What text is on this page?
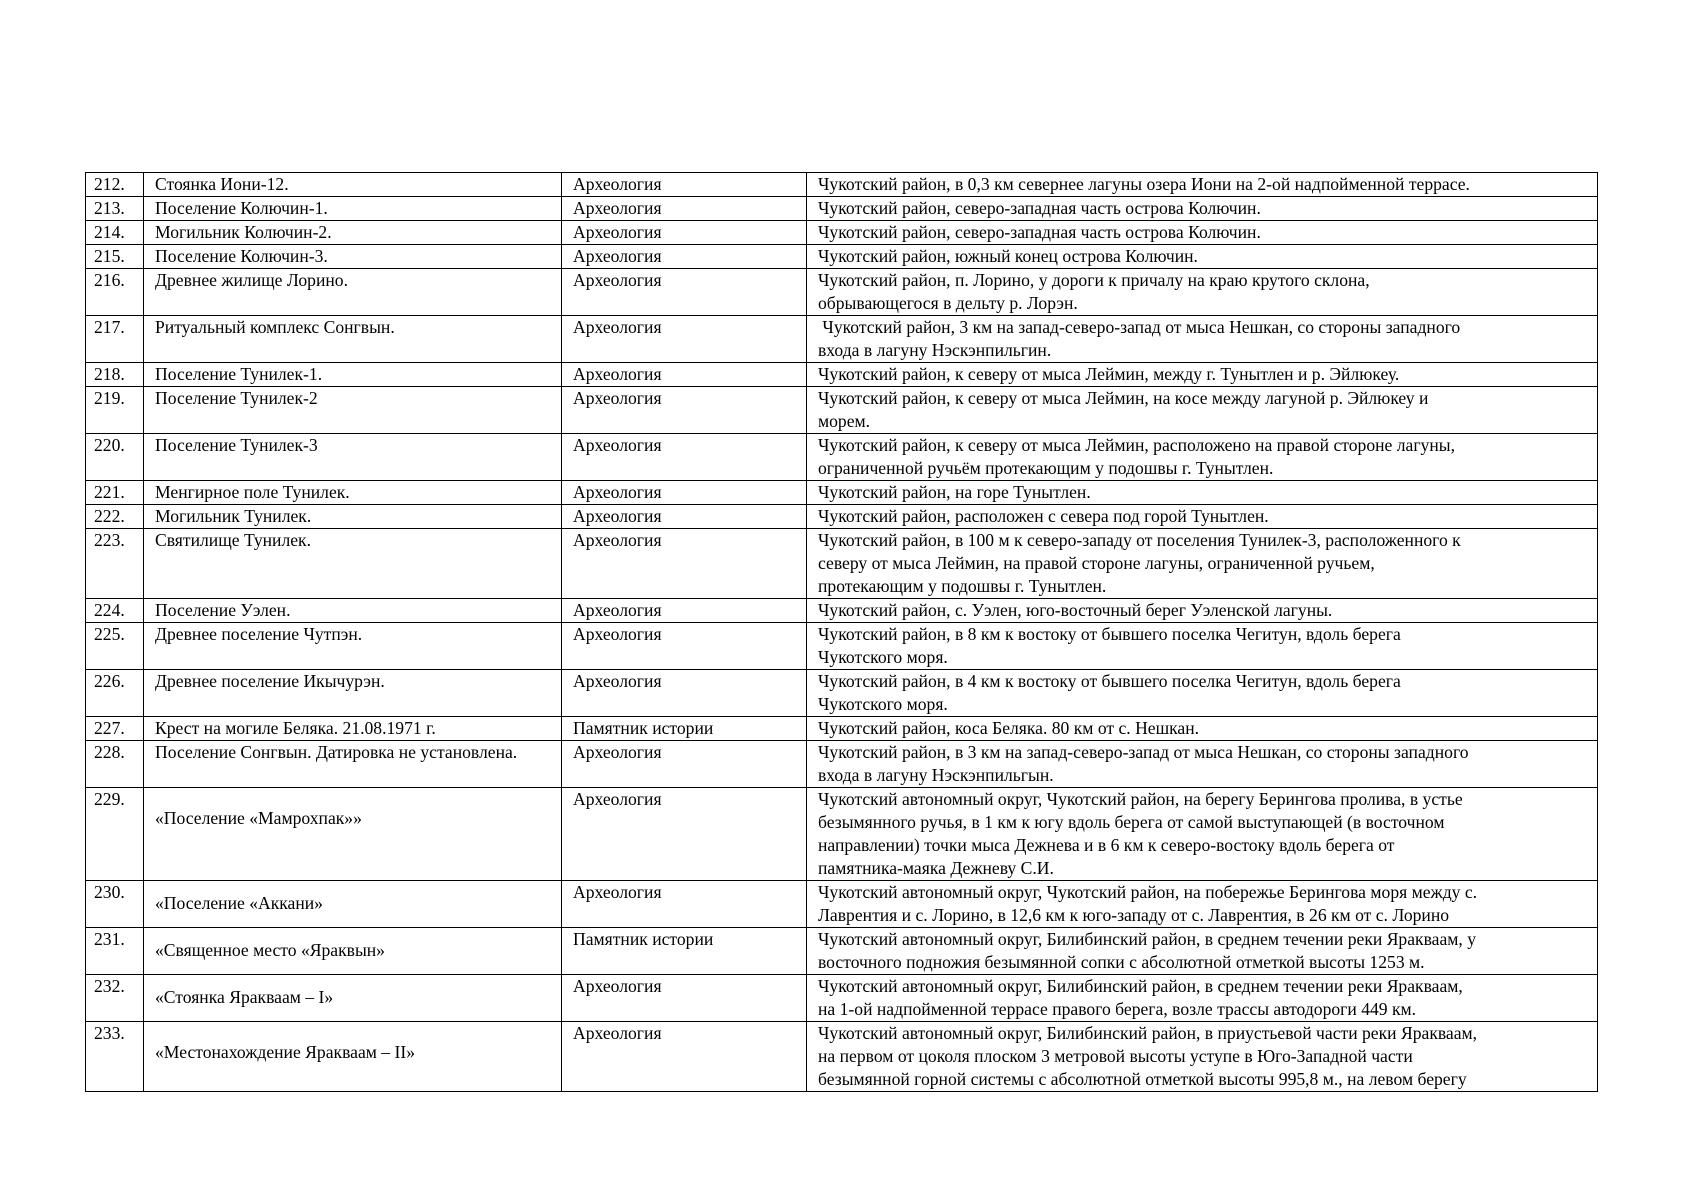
212.	Стоянка Иони-12.	Археология	Чукотский район, в 0,3 км севернее лагуны озера Иони на 2-ой надпойменной террасе.

213.	Поселение Колючин-1.	Археология	Чукотский район, северо-западная часть острова Колючин.

214.	Могильник Колючин-2.	Археология	Чукотский район, северо-западная часть острова Колючин.

215.	Поселение Колючин-3.	Археология	Чукотский район, южный конец острова Колючин.

216.	Древнее жилище Лорино.	Археология	Чукотский район, п. Лорино, у дороги к причалу на краю крутого склона,
обрывающегося в дельту р. Лорэн.

217.	Ритуальный комплекс Сонгвын.	Археология	Чукотский район, 3 км на запад-северо-запад от мыса Нешкан, со стороны западного
входа в лагуну Нэскэнпильгин.

218.	Поселение Тунилек-1.	Археология	Чукотский район, к северу от мыса Леймин, между г. Тунытлен и р. Эйлюкеу.

219.	Поселение Тунилек-2	Археология	Чукотский район, к северу от мыса Леймин, на косе между лагуной р. Эйлюкеу и
морем.

220.	Поселение Тунилек-3	Археология	Чукотский район, к северу от мыса Леймин, расположено на правой стороне лагуны,
ограниченной ручьём протекающим у подошвы г. Тунытлен.

221.	Менгирное поле Тунилек.	Археология	Чукотский район, на горе Тунытлен.

222.	Могильник Тунилек.	Археология	Чукотский район, расположен с севера под горой Тунытлен.

223.	Святилище Тунилек.	Археология	Чукотский район, в 100 м к северо-западу от поселения Тунилек-3, расположенного к
северу от мыса Леймин, на правой стороне лагуны, ограниченной ручьем,
протекающим у подошвы г. Тунытлен.

224.	Поселение Уэлен.	Археология	Чукотский район, с. Уэлен, юго-восточный берег Уэленской лагуны.

225.	Древнее поселение Чутпэн.	Археология	Чукотский район, в 8 км к востоку от бывшего поселка Чегитун, вдоль берега
Чукотского моря.

226.	Древнее поселение Икычурэн.	Археология	Чукотский район, в 4 км к востоку от бывшего поселка Чегитун, вдоль берега
Чукотского моря.

227.	Крест на могиле Беляка. 21.08.1971 г.	Памятник истории	Чукотский район, коса Беляка. 80 км от с. Нешкан.

228.	Поселение Сонгвын. Датировка не установлена.	Археология	Чукотский район, в 3 км на запад-северо-запад от мыса Нешкан, со стороны западного
входа в лагуну Нэскэнпильгын.

229.	«Поселение «Мамрохпак»»	Археология	Чукотский автономный округ, Чукотский район, на берегу Берингова пролива, в устье
безымянного ручья, в 1 км к югу вдоль берега от самой выступающей (в восточном
направлении) точки мыса Дежнева и в 6 км к северо-востоку вдоль берега от
памятника-маяка Дежневу С.И.

230.	«Поселение «Аккани»	Археология	Чукотский автономный округ, Чукотский район, на побережье Берингова моря между с.
Лаврентия и с. Лорино, в 12,6 км к юго-западу от с. Лаврентия, в 26 км от с. Лорино

231.	«Священное место «Яраквын»	Памятник истории	Чукотский автономный округ, Билибинский район, в среднем течении реки Яракваам, у
восточного подножия безымянной сопки с абсолютной отметкой высоты 1253 м.

232.	«Стоянка Яракваам – I»	Археология	Чукотский автономный округ, Билибинский район, в среднем течении реки Яракваам,
на 1-ой надпойменной террасе правого берега, возле трассы автодороги 449 км.

233.	«Местонахождение Яракваам – II»	Археология	Чукотский автономный округ, Билибинский район, в приустьевой части реки Яракваам,
на первом от цоколя плоском 3 метровой высоты уступе в Юго-Западной части
безымянной горной системы с абсолютной отметкой высоты 995,8 м., на левом берегу
